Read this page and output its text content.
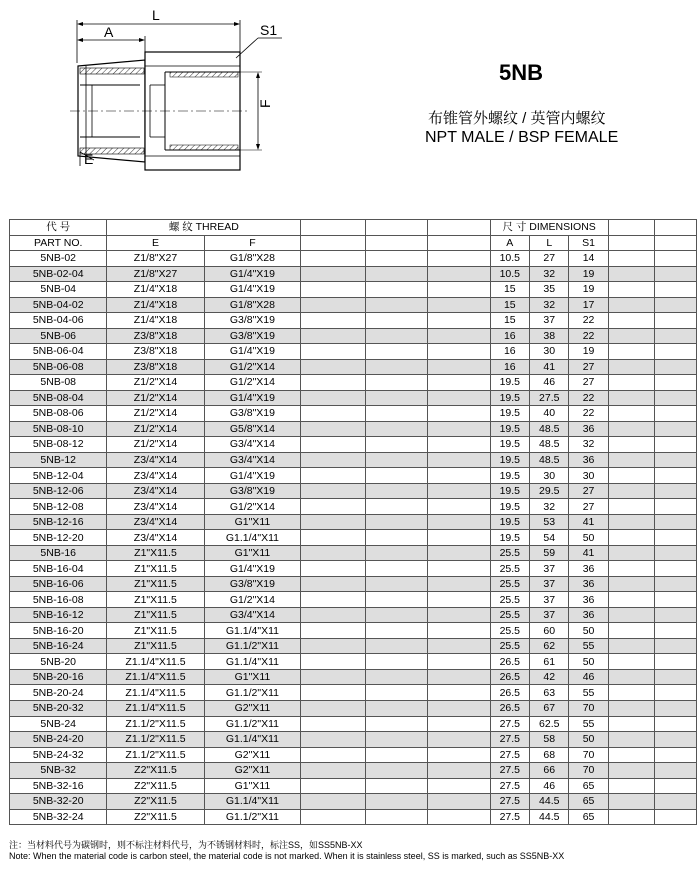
L
A	S1
F
E
5NB
布锥管外螺纹 / 英管内螺纹
NPT MALE / BSP FEMALE
代 号	螺 纹 THREAD					尺 寸 DIMENSIONS				
PART NO.	E	F				A	L	S1		
5NB-02	Z1/8"X27	G1/8"X28				10.5	27	14		
5NB-02-04	Z1/8"X27	G1/4"X19				10.5	32	19		
5NB-04	Z1/4"X18	G1/4"X19				15	35	19		
5NB-04-02	Z1/4"X18	G1/8"X28				15	32	17		
5NB-04-06	Z1/4"X18	G3/8"X19				15	37	22		
5NB-06	Z3/8"X18	G3/8"X19				16	38	22		
5NB-06-04	Z3/8"X18	G1/4"X19				16	30	19		
5NB-06-08	Z3/8"X18	G1/2"X14				16	41	27		
5NB-08	Z1/2"X14	G1/2"X14				19.5	46	27		
5NB-08-04	Z1/2"X14	G1/4"X19				19.5	27.5	22		
5NB-08-06	Z1/2"X14	G3/8"X19				19.5	40	22		
5NB-08-10	Z1/2"X14	G5/8"X14				19.5	48.5	36		
5NB-08-12	Z1/2"X14	G3/4"X14				19.5	48.5	32		
5NB-12	Z3/4"X14	G3/4"X14				19.5	48.5	36		
5NB-12-04	Z3/4"X14	G1/4"X19				19.5	30	30		
5NB-12-06	Z3/4"X14	G3/8"X19				19.5	29.5	27		
5NB-12-08	Z3/4"X14	G1/2"X14				19.5	32	27		
5NB-12-16	Z3/4"X14	G1"X11				19.5	53	41		
5NB-12-20	Z3/4"X14	G1.1/4"X11				19.5	54	50		
5NB-16	Z1"X11.5	G1"X11				25.5	59	41		
5NB-16-04	Z1"X11.5	G1/4"X19				25.5	37	36		
5NB-16-06	Z1"X11.5	G3/8"X19				25.5	37	36		
5NB-16-08	Z1"X11.5	G1/2"X14				25.5	37	36		
5NB-16-12	Z1"X11.5	G3/4"X14				25.5	37	36		
5NB-16-20	Z1"X11.5	G1.1/4"X11				25.5	60	50		
5NB-16-24	Z1"X11.5	G1.1/2"X11				25.5	62	55		
5NB-20	Z1.1/4"X11.5	G1.1/4"X11				26.5	61	50		
5NB-20-16	Z1.1/4"X11.5	G1"X11				26.5	42	46		
5NB-20-24	Z1.1/4"X11.5	G1.1/2"X11				26.5	63	55		
5NB-20-32	Z1.1/4"X11.5	G2"X11				26.5	67	70		
5NB-24	Z1.1/2"X11.5	G1.1/2"X11				27.5	62.5	55		
5NB-24-20	Z1.1/2"X11.5	G1.1/4"X11				27.5	58	50		
5NB-24-32	Z1.1/2"X11.5	G2"X11				27.5	68	70		
5NB-32	Z2"X11.5	G2"X11				27.5	66	70		
5NB-32-16	Z2"X11.5	G1"X11				27.5	46	65		
5NB-32-20	Z2"X11.5	G1.1/4"X11				27.5	44.5	65		
5NB-32-24	Z2"X11.5	G1.1/2"X11				27.5	44.5	65		
注：当材料代号为碳钢时，则不标注材料代号，为不锈钢材料时，标注SS，如SS5NB-XX
Note: When the material code is carbon steel, the material code is not marked. When it is stainless steel, SS is marked, such as SS5NB-XX
